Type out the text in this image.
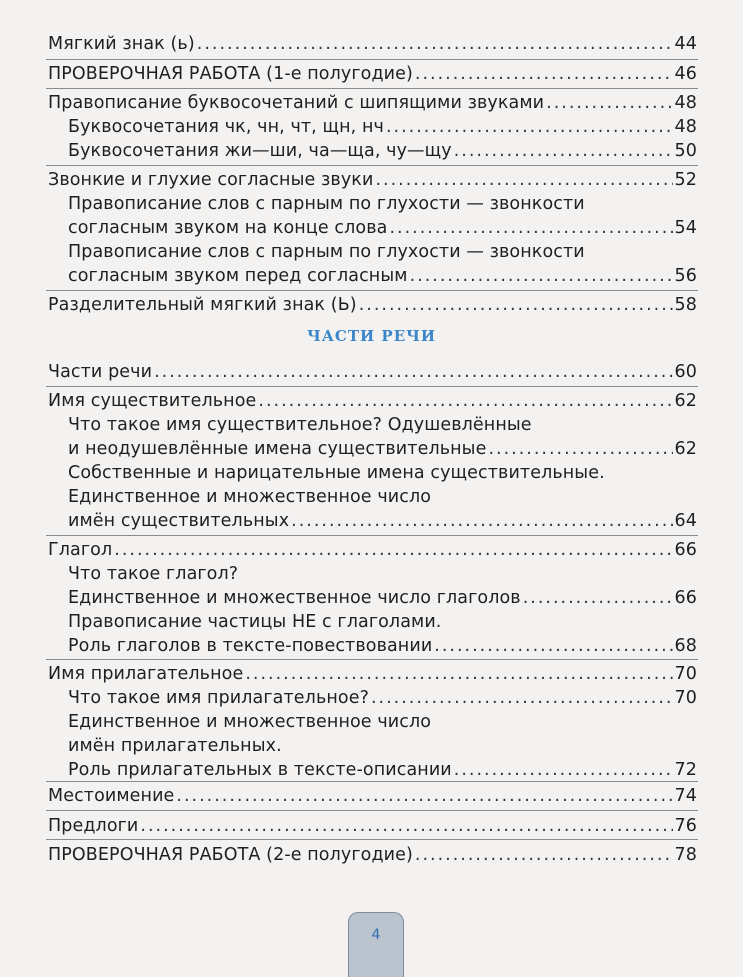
Мягкий знак (ь) .....	44
ПРОВЕРОЧНАЯ РАБОТА (1-е полугодие) .....	46
Правописание буквосочетаний с шипящими звуками .....	48
Буквосочетания чк, чн, чт, щн, нч .....	48
Буквосочетания жи—ши, ча—ща, чу—щу .....	50
Звонкие и глухие согласные звуки .....	52
Правописание слов с парным по глухости — звонкости
согласным звуком на конце слова .....	54
Правописание слов с парным по глухости — звонкости
согласным звуком перед согласным .....	56
Разделительный мягкий знак (Ь) .....	58
ЧАСТИ РЕЧИ
Части речи .....	60
Имя существительное .....	62
Что такое имя существительное? Одушевлённые
и неодушевлённые имена существительные .....	62
Собственные и нарицательные имена существительные.
Единственное и множественное число
имён существительных .....	64
Глагол .....	66
Что такое глагол?
Единственное и множественное число глаголов .....	66
Правописание частицы НЕ с глаголами.
Роль глаголов в тексте-повествовании .....	68
Имя прилагательное .....	70
Что такое имя прилагательное? .....	70
Единственное и множественное число
имён прилагательных.
Роль прилагательных в тексте-описании .....	72
Местоимение .....	74
Предлоги .....	76
ПРОВЕРОЧНАЯ РАБОТА (2-е полугодие) .....	78
4
